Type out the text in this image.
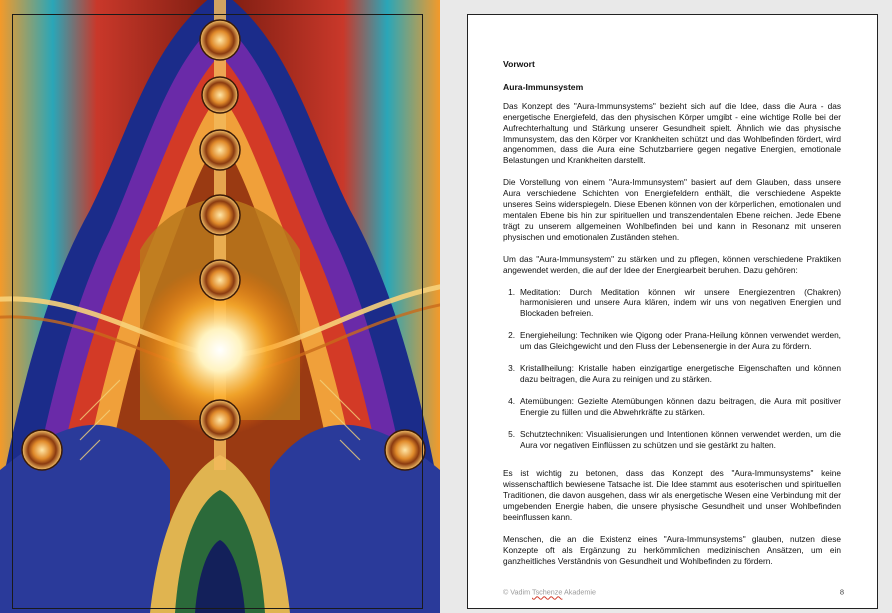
Vorwort

Aura-Immunsystem

Das Konzept des "Aura-Immunsystems" bezieht sich auf die Idee, dass die Aura - das energetische Energiefeld, das den physischen Körper umgibt - eine wichtige Rolle bei der Aufrechterhaltung und Stärkung unserer Gesundheit spielt. Ähnlich wie das physische Immunsystem, das den Körper vor Krankheiten schützt und das Wohlbefinden fördert, wird angenommen, dass die Aura eine Schutzbarriere gegen negative Energien, emotionale Belastungen und Krankheiten darstellt.

Die Vorstellung von einem "Aura-Immunsystem" basiert auf dem Glauben, dass unsere Aura verschiedene Schichten von Energiefeldern enthält, die verschiedene Aspekte unseres Seins widerspiegeln. Diese Ebenen können von der körperlichen, emotionalen und mentalen Ebene bis hin zur spirituellen und transzendentalen Ebene reichen. Jede Ebene trägt zu unserem allgemeinen Wohlbefinden bei und kann in Resonanz mit unseren physischen und emotionalen Zuständen stehen.

Um das "Aura-Immunsystem" zu stärken und zu pflegen, können verschiedene Praktiken angewendet werden, die auf der Idee der Energiearbeit beruhen. Dazu gehören:

1. Meditation: Durch Meditation können wir unsere Energiezentren (Chakren) harmonisieren und unsere Aura klären, indem wir uns von negativen Energien und Blockaden befreien.
2. Energieheilung: Techniken wie Qigong oder Prana-Heilung können verwendet werden, um das Gleichgewicht und den Fluss der Lebensenergie in der Aura zu fördern.
3. Kristallheilung: Kristalle haben einzigartige energetische Eigenschaften und können dazu beitragen, die Aura zu reinigen und zu stärken.
4. Atemübungen: Gezielte Atemübungen können dazu beitragen, die Aura mit positiver Energie zu füllen und die Abwehrkräfte zu stärken.
5. Schutztechniken: Visualisierungen und Intentionen können verwendet werden, um die Aura vor negativen Einflüssen zu schützen und sie gestärkt zu halten.

Es ist wichtig zu betonen, dass das Konzept des "Aura-Immunsystems" keine wissenschaftlich bewiesene Tatsache ist. Die Idee stammt aus esoterischen und spirituellen Traditionen, die davon ausgehen, dass wir als energetische Wesen eine Verbindung mit der umgebenden Energie haben, die unsere physische Gesundheit und unser Wohlbefinden beeinflussen kann.

Menschen, die an die Existenz eines "Aura-Immunsystems" glauben, nutzen diese Konzepte oft als Ergänzung zu herkömmlichen medizinischen Ansätzen, um ein ganzheitliches Verständnis von Gesundheit und Wohlbefinden zu fördern.

© Vadim Tschenze Akademie	8
